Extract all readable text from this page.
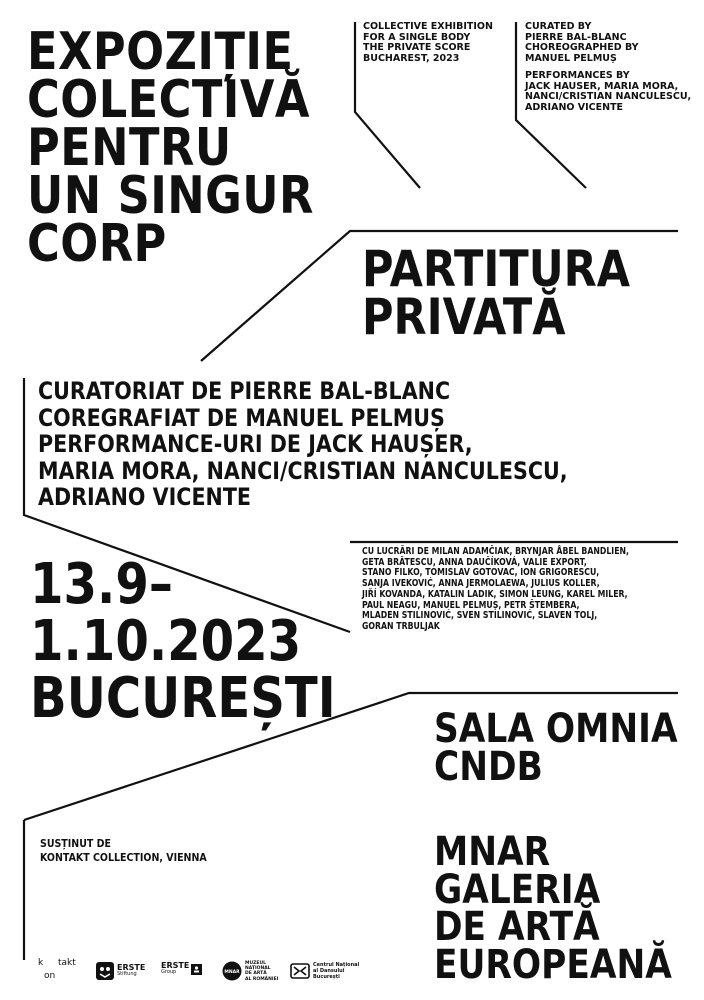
EXPOZIȚIE
COLECTIVĂ
PENTRU
UN SINGUR
CORP
COLLECTIVE EXHIBITION
FOR A SINGLE BODY
THE PRIVATE SCORE
BUCHAREST, 2023
CURATED BY
PIERRE BAL-BLANC
CHOREOGRAPHED BY
MANUEL PELMUȘ
PERFORMANCES BY
JACK HAUSER, MARIA MORA,
NANCI/CRISTIAN NANCULESCU,
ADRIANO VICENTE
PARTITURA
PRIVATĂ
CURATORIAT DE PIERRE BAL-BLANC
COREGRAFIAT DE MANUEL PELMUȘ
PERFORMANCE-URI DE JACK HAUȘER,
MARIA MORA, NANCI/CRISTIAN NANCULESCU,
ADRIANO VICENTE
CU LUCRĂRI DE MILAN ADAMČIAK, BRYNJAR ÅBEL BANDLIEN,
GETA BRĂTESCU, ANNA DAUČÍKOVÁ, VALIE EXPORT,
STANO FILKO, TOMISLAV GOTOVAC, ION GRIGORESCU,
SANJA IVEKOVIĆ, ANNA JERMOLAEWA, JULIUS KOLLER,
JIŘÍ KOVANDA, KATALIN LADIK, SIMON LEUNG, KAREL MILER,
PAUL NEAGU, MANUEL PELMUȘ, PETR ŠTEMBERA,
MLADEN STILINOVIĆ, SVEN STILINOVIĆ, SLAVEN TOLJ,
GORAN TRBULJAK
13.9–
1.10.2023
BUCUREȘTI	SALA OMNIA
CNDB
MNAR
GALERIA
DE ARTĂ
EUROPEANĂ
SUSȚINUT DE
KONTAKT COLLECTION, VIENNA
k takt
on
ERSTE
Stiftung
ERSTE
Group	MNAR
MUZEUL
NAȚIONAL
DE ARTĂ
AL ROMÂNIEI
Centrul Național
al Dansului
București
